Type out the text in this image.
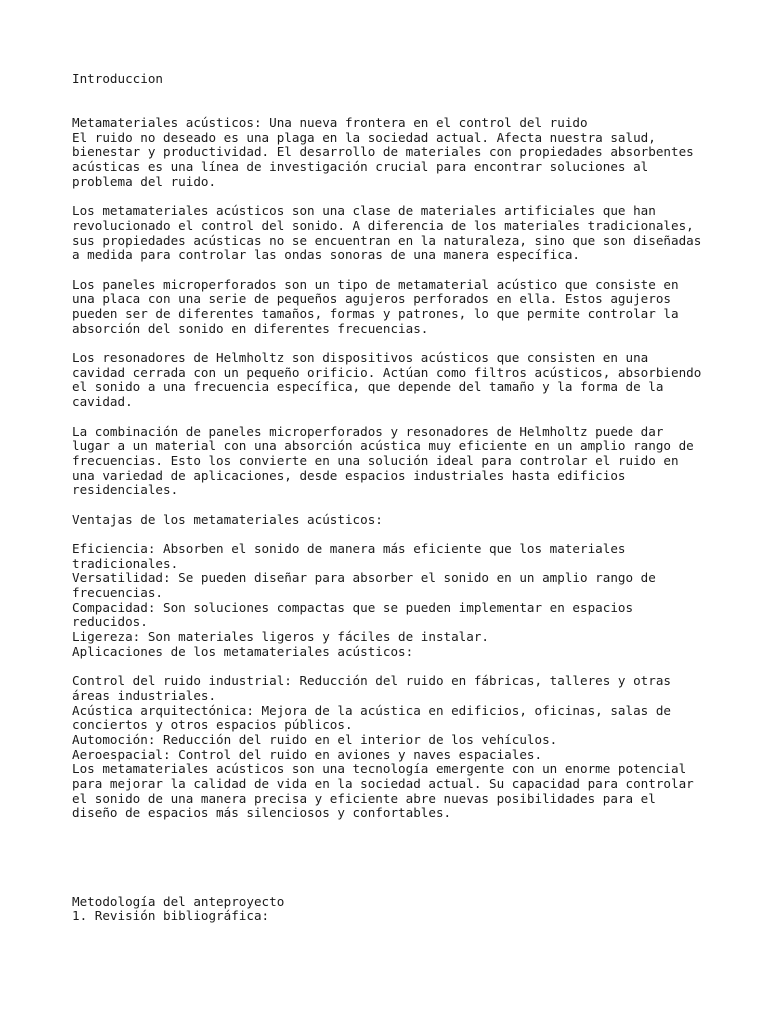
Introduccion
Metamateriales acústicos: Una nueva frontera en el control del ruido
El ruido no deseado es una plaga en la sociedad actual. Afecta nuestra salud,
bienestar y productividad. El desarrollo de materiales con propiedades absorbentes
acústicas es una línea de investigación crucial para encontrar soluciones al
problema del ruido.
Los metamateriales acústicos son una clase de materiales artificiales que han
revolucionado el control del sonido. A diferencia de los materiales tradicionales,
sus propiedades acústicas no se encuentran en la naturaleza, sino que son diseñadas
a medida para controlar las ondas sonoras de una manera específica.
Los paneles microperforados son un tipo de metamaterial acústico que consiste en
una placa con una serie de pequeños agujeros perforados en ella. Estos agujeros
pueden ser de diferentes tamaños, formas y patrones, lo que permite controlar la
absorción del sonido en diferentes frecuencias.
Los resonadores de Helmholtz son dispositivos acústicos que consisten en una
cavidad cerrada con un pequeño orificio. Actúan como filtros acústicos, absorbiendo
el sonido a una frecuencia específica, que depende del tamaño y la forma de la
cavidad.
La combinación de paneles microperforados y resonadores de Helmholtz puede dar
lugar a un material con una absorción acústica muy eficiente en un amplio rango de
frecuencias. Esto los convierte en una solución ideal para controlar el ruido en
una variedad de aplicaciones, desde espacios industriales hasta edificios
residenciales.
Ventajas de los metamateriales acústicos:
Eficiencia: Absorben el sonido de manera más eficiente que los materiales
tradicionales.
Versatilidad: Se pueden diseñar para absorber el sonido en un amplio rango de
frecuencias.
Compacidad: Son soluciones compactas que se pueden implementar en espacios
reducidos.
Ligereza: Son materiales ligeros y fáciles de instalar.
Aplicaciones de los metamateriales acústicos:
Control del ruido industrial: Reducción del ruido en fábricas, talleres y otras
áreas industriales.
Acústica arquitectónica: Mejora de la acústica en edificios, oficinas, salas de
conciertos y otros espacios públicos.
Automoción: Reducción del ruido en el interior de los vehículos.
Aeroespacial: Control del ruido en aviones y naves espaciales.
Los metamateriales acústicos son una tecnología emergente con un enorme potencial
para mejorar la calidad de vida en la sociedad actual. Su capacidad para controlar
el sonido de una manera precisa y eficiente abre nuevas posibilidades para el
diseño de espacios más silenciosos y confortables.
Metodología del anteproyecto
1. Revisión bibliográfica:
